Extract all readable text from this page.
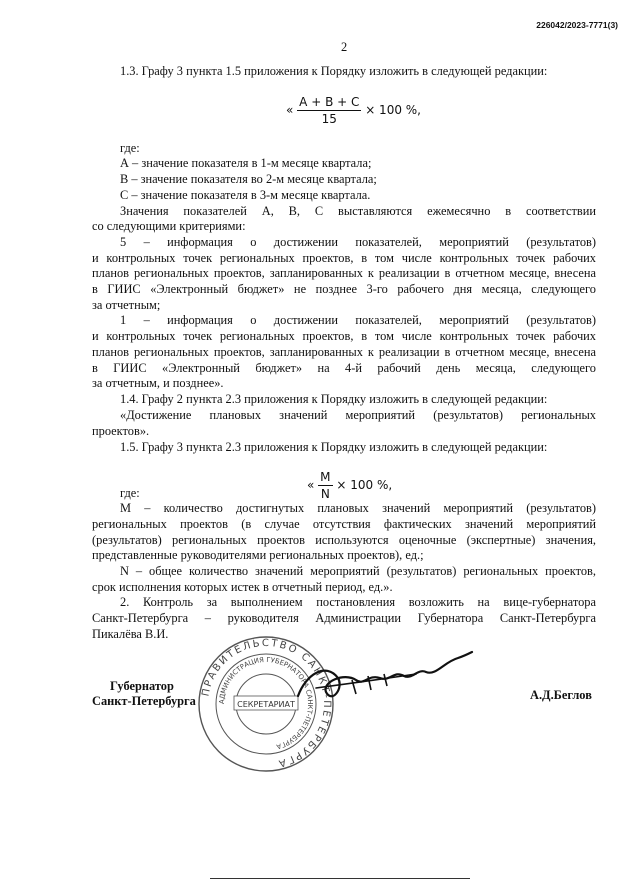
226042/2023-7771(3)
2
1.3. Графу 3 пункта 1.5 приложения к Порядку изложить в следующей редакции:
« $\frac{A + B + C}{15} \times 100$ %,
где:
А – значение показателя в 1-м месяце квартала;
В – значение показателя во 2-м месяце квартала;
С – значение показателя в 3-м месяце квартала.
Значения показателей А, В, С выставляются ежемесячно в соответствии
со следующими критериями:
5 – информация о достижении показателей, мероприятий (результатов)
и контрольных точек региональных проектов, в том числе контрольных точек рабочих
планов региональных проектов, запланированных к реализации в отчетном месяце, внесена
в ГИИС «Электронный бюджет» не позднее 3-го рабочего дня месяца, следующего
за отчетным;
1 – информация о достижении показателей, мероприятий (результатов)
и контрольных точек региональных проектов, в том числе контрольных точек рабочих
планов региональных проектов, запланированных к реализации в отчетном месяце, внесена
в ГИИС «Электронный бюджет» на 4-й рабочий день месяца, следующего
за отчетным, и позднее».
1.4. Графу 2 пункта 2.3 приложения к Порядку изложить в следующей редакции:
«Достижение плановых значений мероприятий (результатов) региональных
проектов».
1.5. Графу 3 пункта 2.3 приложения к Порядку изложить в следующей редакции:
« $\frac{M}{N} \times 100$ %,
где:
М – количество достигнутых плановых значений мероприятий (результатов)
региональных проектов (в случае отсутствия фактических значений мероприятий
(результатов) региональных проектов используются оценочные (экспертные) значения,
представленные руководителями региональных проектов), ед.;
N – общее количество значений мероприятий (результатов) региональных проектов,
срок исполнения которых истек в отчетный период, ед.».
2. Контроль за выполнением постановления возложить на вице-губернатора
Санкт-Петербурга – руководителя Администрации Губернатора Санкт-Петербурга
Пикалёва В.И.
Губернатор
Санкт-Петербурга	А.Д.Беглов
ПРАВИТЕЛЬСТВО САНКТ-ПЕТЕРБУРГА
АДМИНИСТРАЦИЯ ГУБЕРНАТОРА САНКТ-ПЕТЕРБУРГА
СЕКРЕТАРИАТ
